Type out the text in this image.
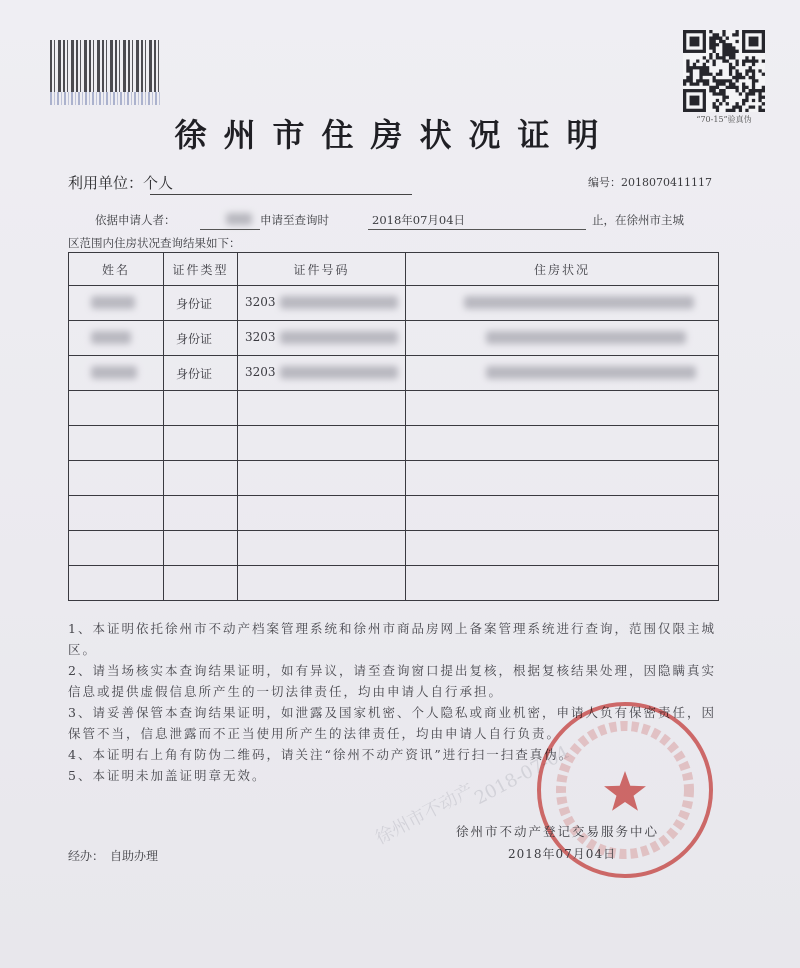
徐州市不动产
2018-07-04
“70-15”验真伪
徐州市住房状况证明
利用单位：个人	编号：2018070411117
依据申请人者：	申请至查询时	2018年07月04日	止，在徐州市主城
区范围内住房状况查询结果如下：
姓名	证件类型	证件号码	住房状况

	身份证	3203	

	身份证	3203	

	身份证	3203	

1、本证明依托徐州市不动产档案管理系统和徐州市商品房网上备案管理系统进行查询，范围仅限主城区。

2、请当场核实本查询结果证明，如有异议，请至查询窗口提出复核，根据复核结果处理，因隐瞒真实信息或提供虚假信息所产生的一切法律责任，均由申请人自行承担。

3、请妥善保管本查询结果证明，如泄露及国家机密、个人隐私或商业机密，申请人负有保密责任，因保管不当，信息泄露而不正当使用所产生的法律责任，均由申请人自行负责。

4、本证明右上角有防伪二维码，请关注“徐州不动产资讯”进行扫一扫查真伪。

5、本证明未加盖证明章无效。

经办： 自助办理
徐州市不动产登记交易服务中心
2018年07月04日
